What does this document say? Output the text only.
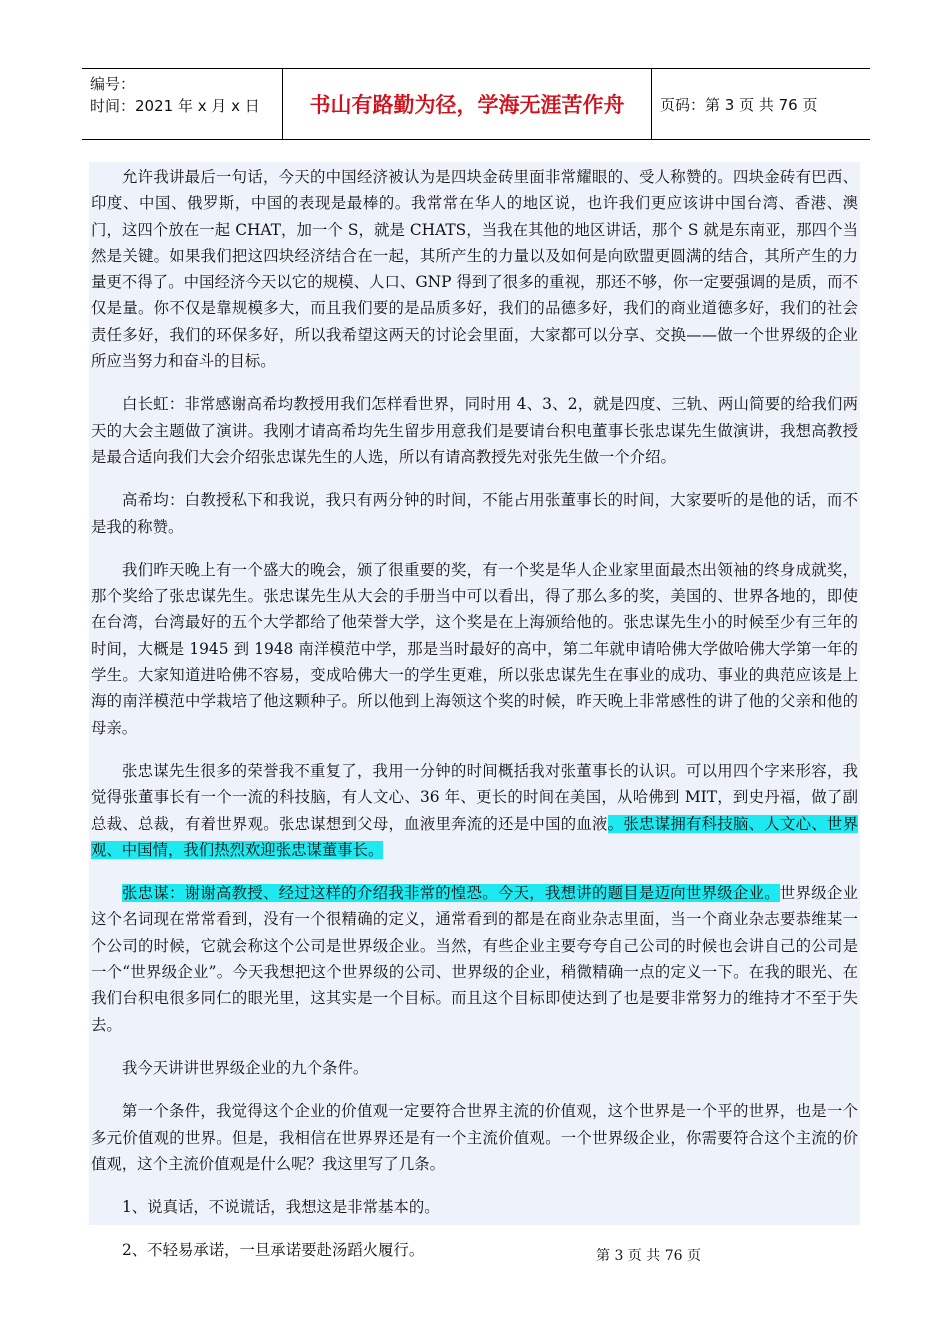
编号：
时间：2021 年 x 月 x 日	书山有路勤为径，学海无涯苦作舟	页码：第 3 页 共 76 页

允许我讲最后一句话，今天的中国经济被认为是四块金砖里面非常耀眼的、受人称赞的。四块金砖有巴西、印度、中国、俄罗斯，中国的表现是最棒的。我常常在华人的地区说，也许我们更应该讲中国台湾、香港、澳门，这四个放在一起 CHAT，加一个 S，就是 CHATS，当我在其他的地区讲话，那个 S 就是东南亚，那四个当然是关键。如果我们把这四块经济结合在一起，其所产生的力量以及如何是向欧盟更圆满的结合，其所产生的力量更不得了。中国经济今天以它的规模、人口、GNP 得到了很多的重视，那还不够，你一定要强调的是质，而不仅是量。你不仅是靠规模多大，而且我们要的是品质多好，我们的品德多好，我们的商业道德多好，我们的社会责任多好，我们的环保多好，所以我希望这两天的讨论会里面，大家都可以分享、交换——做一个世界级的企业所应当努力和奋斗的目标。

白长虹：非常感谢高希均教授用我们怎样看世界，同时用 4、3、2，就是四度、三轨、两山简要的给我们两天的大会主题做了演讲。我刚才请高希均先生留步用意我们是要请台积电董事长张忠谋先生做演讲，我想高教授是最合适向我们大会介绍张忠谋先生的人选，所以有请高教授先对张先生做一个介绍。

高希均：白教授私下和我说，我只有两分钟的时间，不能占用张董事长的时间，大家要听的是他的话，而不是我的称赞。

我们昨天晚上有一个盛大的晚会，颁了很重要的奖，有一个奖是华人企业家里面最杰出领袖的终身成就奖，那个奖给了张忠谋先生。张忠谋先生从大会的手册当中可以看出，得了那么多的奖，美国的、世界各地的，即使在台湾，台湾最好的五个大学都给了他荣誉大学，这个奖是在上海颁给他的。张忠谋先生小的时候至少有三年的时间，大概是 1945 到 1948 南洋模范中学，那是当时最好的高中，第二年就申请哈佛大学做哈佛大学第一年的学生。大家知道进哈佛不容易，变成哈佛大一的学生更难，所以张忠谋先生在事业的成功、事业的典范应该是上海的南洋模范中学栽培了他这颗种子。所以他到上海领这个奖的时候，昨天晚上非常感性的讲了他的父亲和他的母亲。

张忠谋先生很多的荣誉我不重复了，我用一分钟的时间概括我对张董事长的认识。可以用四个字来形容，我觉得张董事长有一个一流的科技脑，有人文心、36 年、更长的时间在美国，从哈佛到 MIT，到史丹福，做了副总裁、总裁，有着世界观。张忠谋想到父母，血液里奔流的还是中国的血液。张忠谋拥有科技脑、人文心、世界观、中国情，我们热烈欢迎张忠谋董事长。

张忠谋：谢谢高教授、经过这样的介绍我非常的惶恐。今天，我想讲的题目是迈向世界级企业。世界级企业这个名词现在常常看到，没有一个很精确的定义，通常看到的都是在商业杂志里面，当一个商业杂志要恭维某一个公司的时候，它就会称这个公司是世界级企业。当然，有些企业主要夸夸自己公司的时候也会讲自己的公司是一个“世界级企业”。今天我想把这个世界级的公司、世界级的企业，稍微精确一点的定义一下。在我的眼光、在我们台积电很多同仁的眼光里，这其实是一个目标。而且这个目标即使达到了也是要非常努力的维持才不至于失去。

我今天讲讲世界级企业的九个条件。

第一个条件，我觉得这个企业的价值观一定要符合世界主流的价值观，这个世界是一个平的世界，也是一个多元价值观的世界。但是，我相信在世界界还是有一个主流价值观。一个世界级企业，你需要符合这个主流的价值观，这个主流价值观是什么呢？我这里写了几条。

1、说真话，不说谎话，我想这是非常基本的。

2、不轻易承诺，一旦承诺要赴汤蹈火履行。	第 3 页 共 76 页
